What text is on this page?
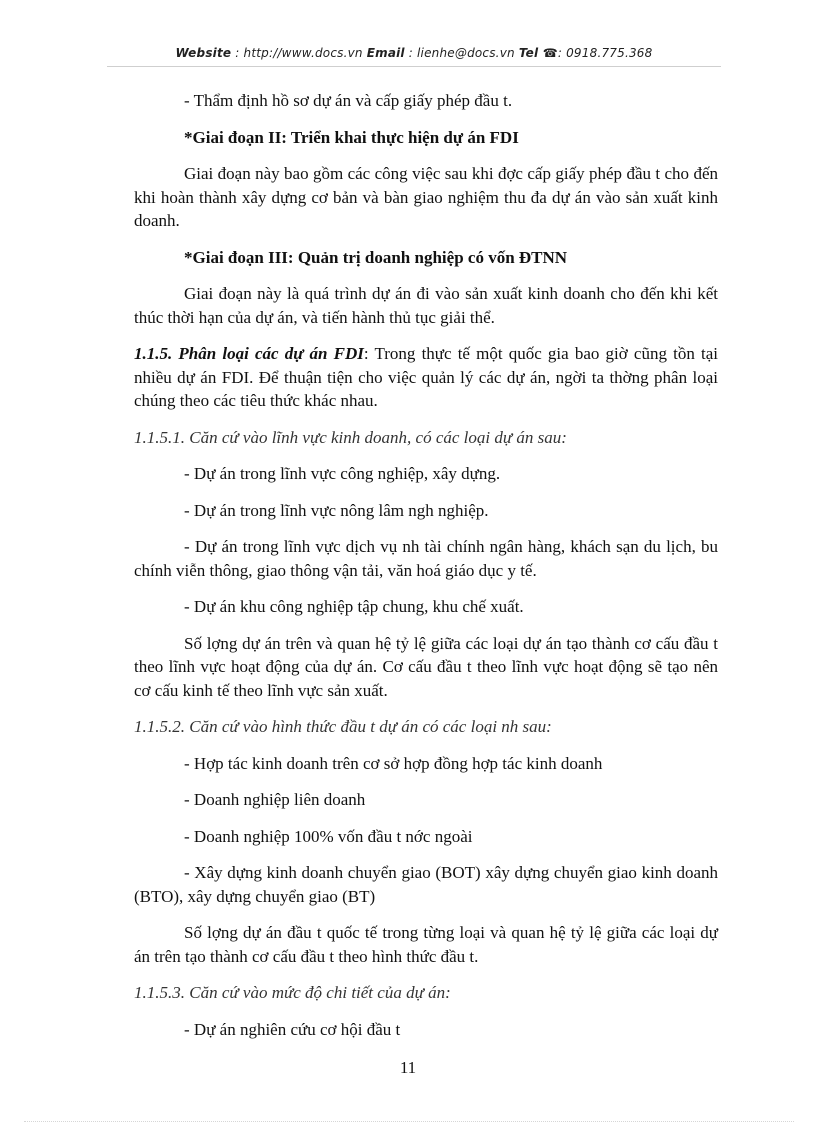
Website : http://www.docs.vn Email : lienhe@docs.vn Tel ☎: 0918.775.368

- Thẩm định hồ sơ dự án và cấp giấy phép đầu t.

*Giai đoạn II: Triển khai thực hiện dự án FDI

Giai đoạn này bao gồm các công việc sau khi đợc cấp giấy phép đầu t cho đến khi hoàn thành xây dựng cơ bản và bàn giao nghiệm thu đa dự án vào sản xuất kinh doanh.

*Giai đoạn III: Quản trị doanh nghiệp có vốn ĐTNN

Giai đoạn này là quá trình dự án đi vào sản xuất kinh doanh cho đến khi kết thúc thời hạn của dự án, và tiến hành thủ tục giải thể.

1.1.5. Phân loại các dự án FDI: Trong thực tế một quốc gia bao giờ cũng tồn tại nhiều dự án FDI. Để thuận tiện cho việc quản lý các dự án, ngời ta thờng phân loại chúng theo các tiêu thức khác nhau.

1.1.5.1. Căn cứ vào lĩnh vực kinh doanh, có các loại dự án sau:

- Dự án trong lĩnh vực công nghiệp, xây dựng.

- Dự án trong lĩnh vực nông lâm ngh nghiệp.

- Dự án trong lĩnh vực dịch vụ nh tài chính ngân hàng, khách sạn du lịch, bu chính viễn thông, giao thông vận tải, văn hoá giáo dục y tế.

- Dự án khu công nghiệp tập chung, khu chế xuất.

Số lợng dự án trên và quan hệ tỷ lệ giữa các loại dự án tạo thành cơ cấu đầu t theo lĩnh vực hoạt động của dự án. Cơ cấu đầu t theo lĩnh vực hoạt động sẽ tạo nên cơ cấu kinh tế theo lĩnh vực sản xuất.

1.1.5.2. Căn cứ vào hình thức đầu t dự án có các loại nh sau:

- Hợp tác kinh doanh trên cơ sở hợp đồng hợp tác kinh doanh

- Doanh nghiệp liên doanh

- Doanh nghiệp 100% vốn đầu t nớc ngoài

- Xây dựng kinh doanh chuyển giao (BOT) xây dựng chuyển giao kinh doanh (BTO), xây dựng chuyển giao (BT)

Số lợng dự án đầu t quốc tế trong từng loại và quan hệ tỷ lệ giữa các loại dự án trên tạo thành cơ cấu đầu t theo hình thức đầu t.

1.1.5.3. Căn cứ vào mức độ chi tiết của dự án:

- Dự án nghiên cứu cơ hội đầu t

11
